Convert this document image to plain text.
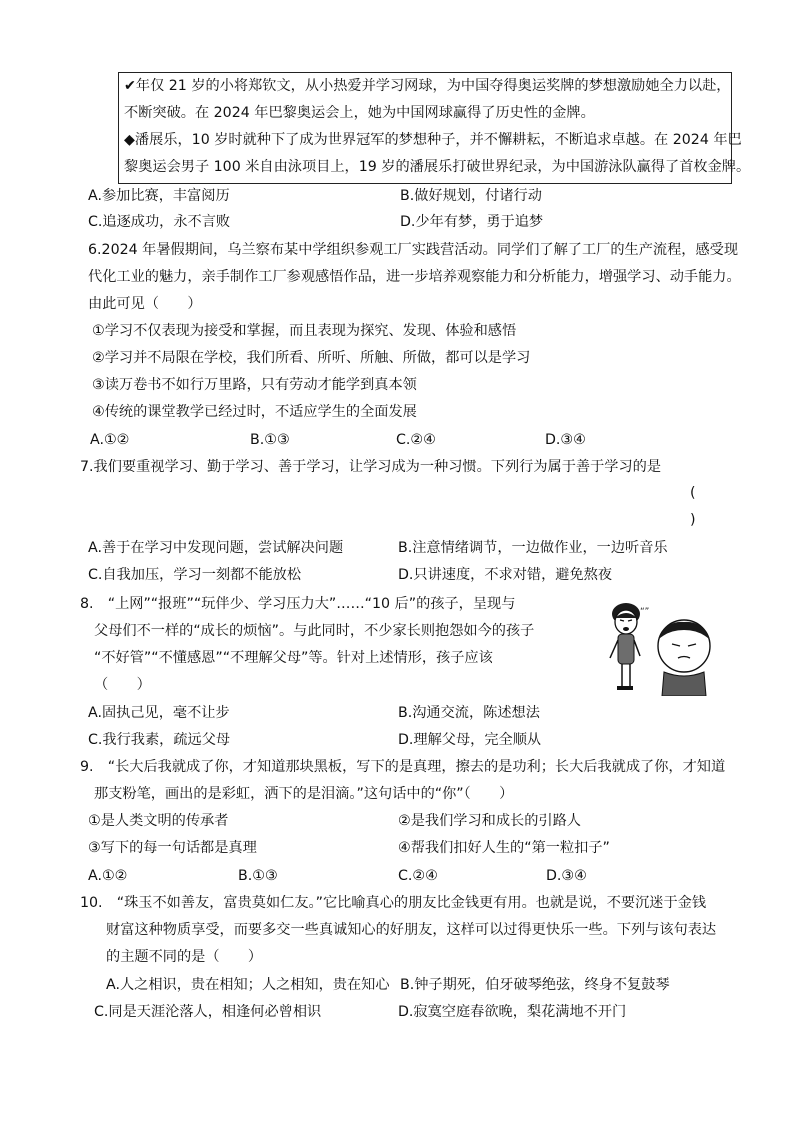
✔年仅 21 岁的小将郑钦文，从小热爱并学习网球，为中国夺得奥运奖牌的梦想激励她全力以赴，
不断突破。在 2024 年巴黎奥运会上，她为中国网球赢得了历史性的金牌。
◆潘展乐，10 岁时就种下了成为世界冠军的梦想种子，并不懈耕耘，不断追求卓越。在 2024 年巴
黎奥运会男子 100 米自由泳项目上，19 岁的潘展乐打破世界纪录，为中国游泳队赢得了首枚金牌。
A.参加比赛，丰富阅历	B.做好规划，付诸行动
C.追逐成功，永不言败	D.少年有梦，勇于追梦
6.2024 年暑假期间，乌兰察布某中学组织参观工厂实践营活动。同学们了解了工厂的生产流程，感受现
代化工业的魅力，亲手制作工厂参观感悟作品，进一步培养观察能力和分析能力，增强学习、动手能力。
由此可见（　　）
①学习不仅表现为接受和掌握，而且表现为探究、发现、体验和感悟
②学习并不局限在学校，我们所看、所听、所触、所做，都可以是学习
③读万卷书不如行万里路，只有劳动才能学到真本领
④传统的课堂教学已经过时，不适应学生的全面发展
A.①②	B.①③	C.②④	D.③④
7.我们要重视学习、勤于学习、善于学习，让学习成为一种习惯。下列行为属于善于学习的是
(
)
A.善于在学习中发现问题，尝试解决问题	B.注意情绪调节，一边做作业，一边听音乐
C.自我加压，学习一刻都不能放松	D.只讲速度，不求对错，避免熬夜
8.　“上网”“报班”“玩伴少、学习压力大”……“10 后”的孩子，呈现与
父母们不一样的“成长的烦恼”。与此同时，不少家长则抱怨如今的孩子
“不好管”“不懂感恩”“不理解父母”等。针对上述情形，孩子应该
（　　）
“”
A.固执己见，毫不让步	B.沟通交流，陈述想法
C.我行我素，疏远父母	D.理解父母，完全顺从
9.　“长大后我就成了你，才知道那块黑板，写下的是真理，擦去的是功利；长大后我就成了你，才知道
那支粉笔，画出的是彩虹，洒下的是泪滴。”这句话中的“你”（　　）
①是人类文明的传承者	②是我们学习和成长的引路人
③写下的每一句话都是真理	④帮我们扣好人生的“第一粒扣子”
A.①②	B.①③	C.②④	D.③④
10.　“珠玉不如善友，富贵莫如仁友。”它比喻真心的朋友比金钱更有用。也就是说，不要沉迷于金钱
财富这种物质享受，而要多交一些真诚知心的好朋友，这样可以过得更快乐一些。下列与该句表达
的主题不同的是（　　）
A.人之相识，贵在相知；人之相知，贵在知心 B.钟子期死，伯牙破琴绝弦，终身不复鼓琴
C.同是天涯沦落人，相逢何必曾相识	D.寂寞空庭春欲晚，梨花满地不开门
